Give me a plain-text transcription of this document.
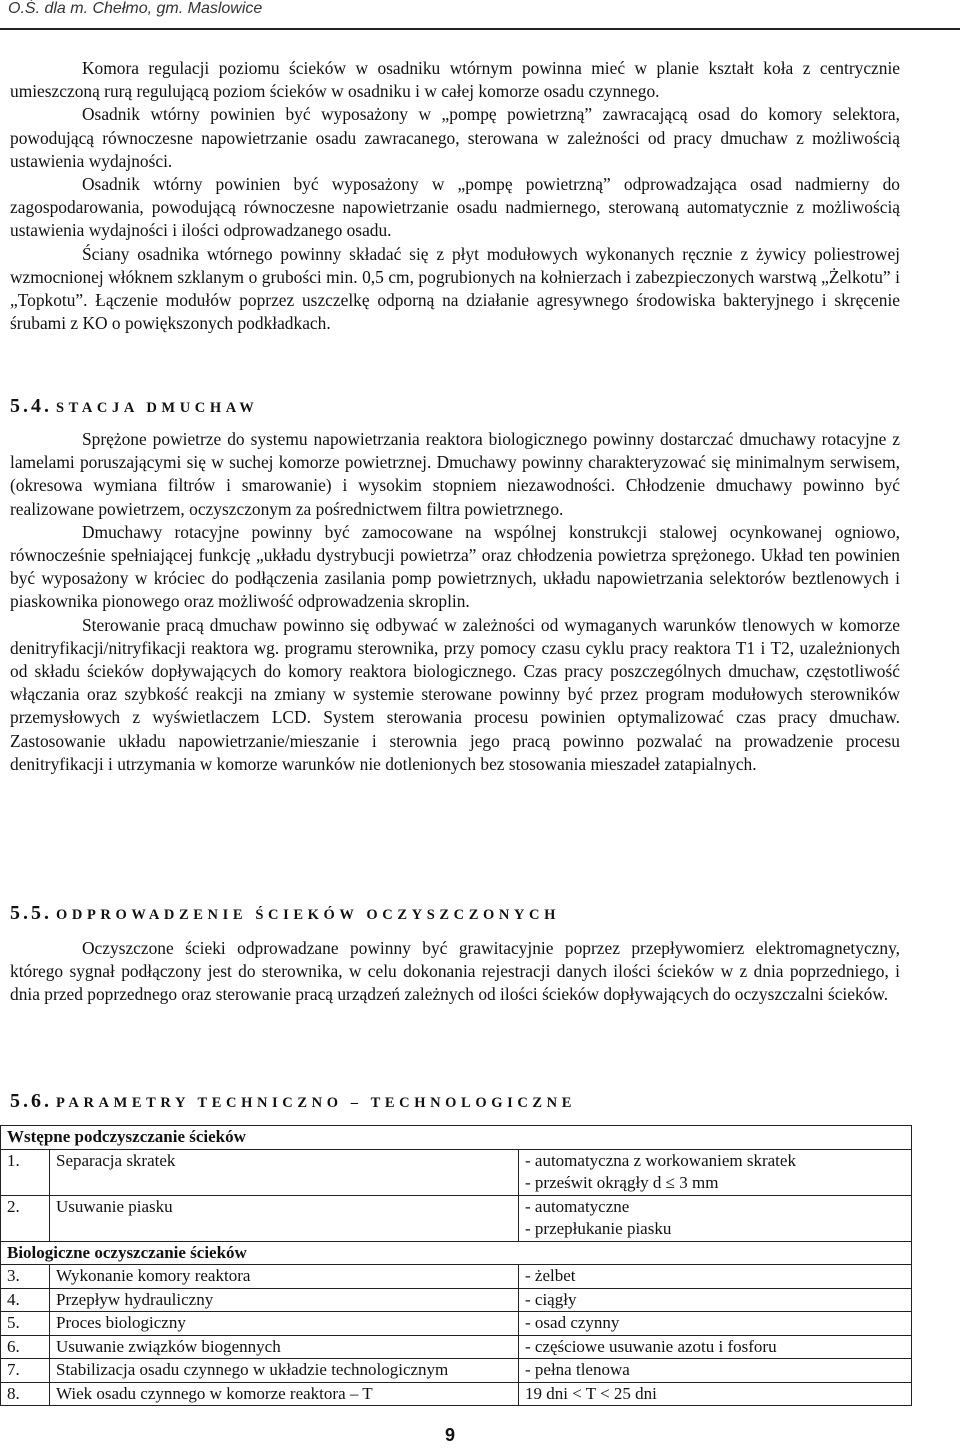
O.Ś. dla m. Chełmo, gm. Maslowice

Komora regulacji poziomu ścieków w osadniku wtórnym powinna mieć w planie kształt koła z centrycznie umieszczoną rurą regulującą poziom ścieków w osadniku i w całej komorze osadu czynnego.

Osadnik wtórny powinien być wyposażony w „pompę powietrzną” zawracającą osad do komory selektora, powodującą równoczesne napowietrzanie osadu zawracanego, sterowana w zależności od pracy dmuchaw z możliwością ustawienia wydajności.

Osadnik wtórny powinien być wyposażony w „pompę powietrzną” odprowadzająca osad nadmierny do zagospodarowania, powodującą równoczesne napowietrzanie osadu nadmiernego, sterowaną automatycznie z możliwością ustawienia wydajności i ilości odprowadzanego osadu.

Ściany osadnika wtórnego powinny składać się z płyt modułowych wykonanych ręcznie z żywicy poliestrowej wzmocnionej włóknem szklanym o grubości min. 0,5 cm, pogrubionych na kołnierzach i zabezpieczonych warstwą „Żelkotu” i „Topkotu”. Łączenie modułów poprzez uszczelkę odporną na działanie agresywnego środowiska bakteryjnego i skręcenie śrubami z KO o powiększonych podkładkach.

5.4. STACJA DMUCHAW

Sprężone powietrze do systemu napowietrzania reaktora biologicznego powinny dostarczać dmuchawy rotacyjne z lamelami poruszającymi się w suchej komorze powietrznej. Dmuchawy powinny charakteryzować się minimalnym serwisem, (okresowa wymiana filtrów i smarowanie) i wysokim stopniem niezawodności. Chłodzenie dmuchawy powinno być realizowane powietrzem, oczyszczonym za pośrednictwem filtra powietrznego.

Dmuchawy rotacyjne powinny być zamocowane na wspólnej konstrukcji stalowej ocynkowanej ogniowo, równocześnie spełniającej funkcję „układu dystrybucji powietrza” oraz chłodzenia powietrza sprężonego. Układ ten powinien być wyposażony w króciec do podłączenia zasilania pomp powietrznych, układu napowietrzania selektorów beztlenowych i piaskownika pionowego oraz możliwość odprowadzenia skroplin.

Sterowanie pracą dmuchaw powinno się odbywać w zależności od wymaganych warunków tlenowych w komorze denitryfikacji/nitryfikacji reaktora wg. programu sterownika, przy pomocy czasu cyklu pracy reaktora T1 i T2, uzależnionych od składu ścieków dopływających do komory reaktora biologicznego. Czas pracy poszczególnych dmuchaw, częstotliwość włączania oraz szybkość reakcji na zmiany w systemie sterowane powinny być przez program modułowych sterowników przemysłowych z wyświetlaczem LCD. System sterowania procesu powinien optymalizować czas pracy dmuchaw. Zastosowanie układu napowietrzanie/mieszanie i sterownia jego pracą powinno pozwalać na prowadzenie procesu denitryfikacji i utrzymania w komorze warunków nie dotlenionych bez stosowania mieszadeł zatapialnych.

5.5. ODPROWADZENIE ŚCIEKÓW OCZYSZCZONYCH

Oczyszczone ścieki odprowadzane powinny być grawitacyjnie poprzez przepływomierz elektromagnetyczny, którego sygnał podłączony jest do sterownika, w celu dokonania rejestracji danych ilości ścieków w z dnia poprzedniego, i dnia przed poprzednego oraz sterowanie pracą urządzeń zależnych od ilości ścieków dopływających do oczyszczalni ścieków.

5.6. PARAMETRY TECHNICZNO – TECHNOLOGICZNE
Wstępne podczyszczanie ścieków		
1.	Separacja skratek	- automatyczna z workowaniem skratek
- prześwit okrągły d ≤ 3 mm

2.	Usuwanie piasku	- automatyczne
- przepłukanie piasku

Biologiczne oczyszczanie ścieków		
3.	Wykonanie komory reaktora	- żelbet

4.	Przepływ hydrauliczny	- ciągły

5.	Proces biologiczny	- osad czynny

6.	Usuwanie związków biogennych	- częściowe usuwanie azotu i fosforu

7.	Stabilizacja osadu czynnego w układzie technologicznym	- pełna tlenowa

8.	Wiek osadu czynnego w komorze reaktora – T	19 dni < T < 25 dni
9
